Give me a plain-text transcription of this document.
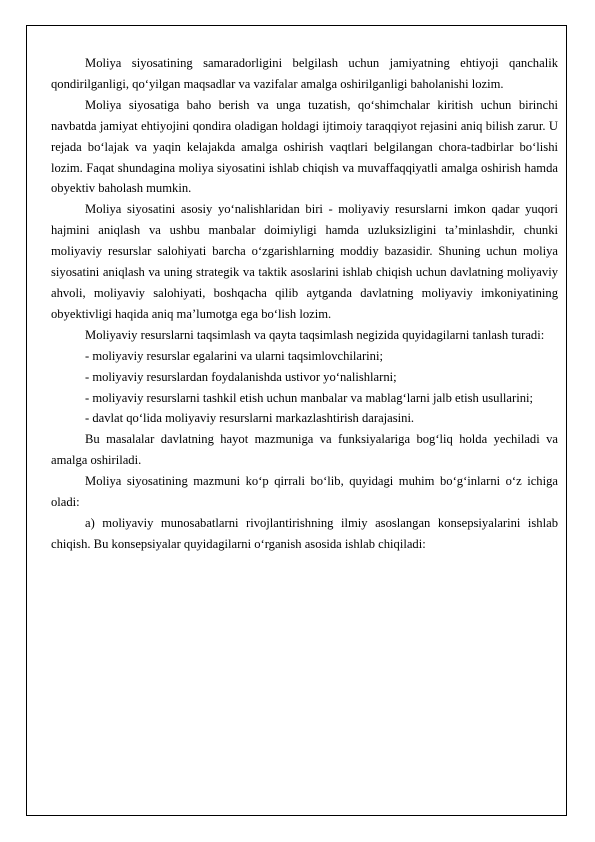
Moliya siyosatining samaradorligini belgilash uchun jamiyatning ehtiyoji qanchalik qondirilganligi, qo‘yilgan maqsadlar va vazifalar amalga oshirilganligi baholanishi lozim.

Moliya siyosatiga baho berish va unga tuzatish, qo‘shimchalar kiritish uchun birinchi navbatda jamiyat ehtiyojini qondira oladigan holdagi ijtimoiy taraqqiyot rejasini aniq bilish zarur. U rejada bo‘lajak va yaqin kelajakda amalga oshirish vaqtlari belgilangan chora-tadbirlar bo‘lishi lozim. Faqat shundagina moliya siyosatini ishlab chiqish va muvaffaqqiyatli amalga oshirish hamda obyektiv baholash mumkin.

Moliya siyosatini asosiy yo‘nalishlaridan biri - moliyaviy resurslarni imkon qadar yuqori hajmini aniqlash va ushbu manbalar doimiyligi hamda uzluksizligini ta’minlashdir, chunki moliyaviy resurslar salohiyati barcha o‘zgarishlarning moddiy bazasidir. Shuning uchun moliya siyosatini aniqlash va uning strategik va taktik asoslarini ishlab chiqish uchun davlatning moliyaviy ahvoli, moliyaviy salohiyati, boshqacha qilib aytganda davlatning moliyaviy imkoniyatining obyektivligi haqida aniq ma’lumotga ega bo‘lish lozim.

Moliyaviy resurslarni taqsimlash va qayta taqsimlash negizida quyidagilarni tanlash turadi:

- moliyaviy resurslar egalarini va ularni taqsimlovchilarini;

- moliyaviy resurslardan foydalanishda ustivor yo‘nalishlarni;

- moliyaviy resurslarni tashkil etish uchun manbalar va mablag‘larni jalb etish usullarini;

- davlat qo‘lida moliyaviy resurslarni markazlashtirish darajasini.

Bu masalalar davlatning hayot mazmuniga va funksiyalariga bog‘liq holda yechiladi va amalga oshiriladi.

Moliya siyosatining mazmuni ko‘p qirrali bo‘lib, quyidagi muhim bo‘g‘inlarni o‘z ichiga oladi:

a) moliyaviy munosabatlarni rivojlantirishning ilmiy asoslangan konsepsiyalarini ishlab chiqish. Bu konsepsiyalar quyidagilarni o‘rganish asosida ishlab chiqiladi:
